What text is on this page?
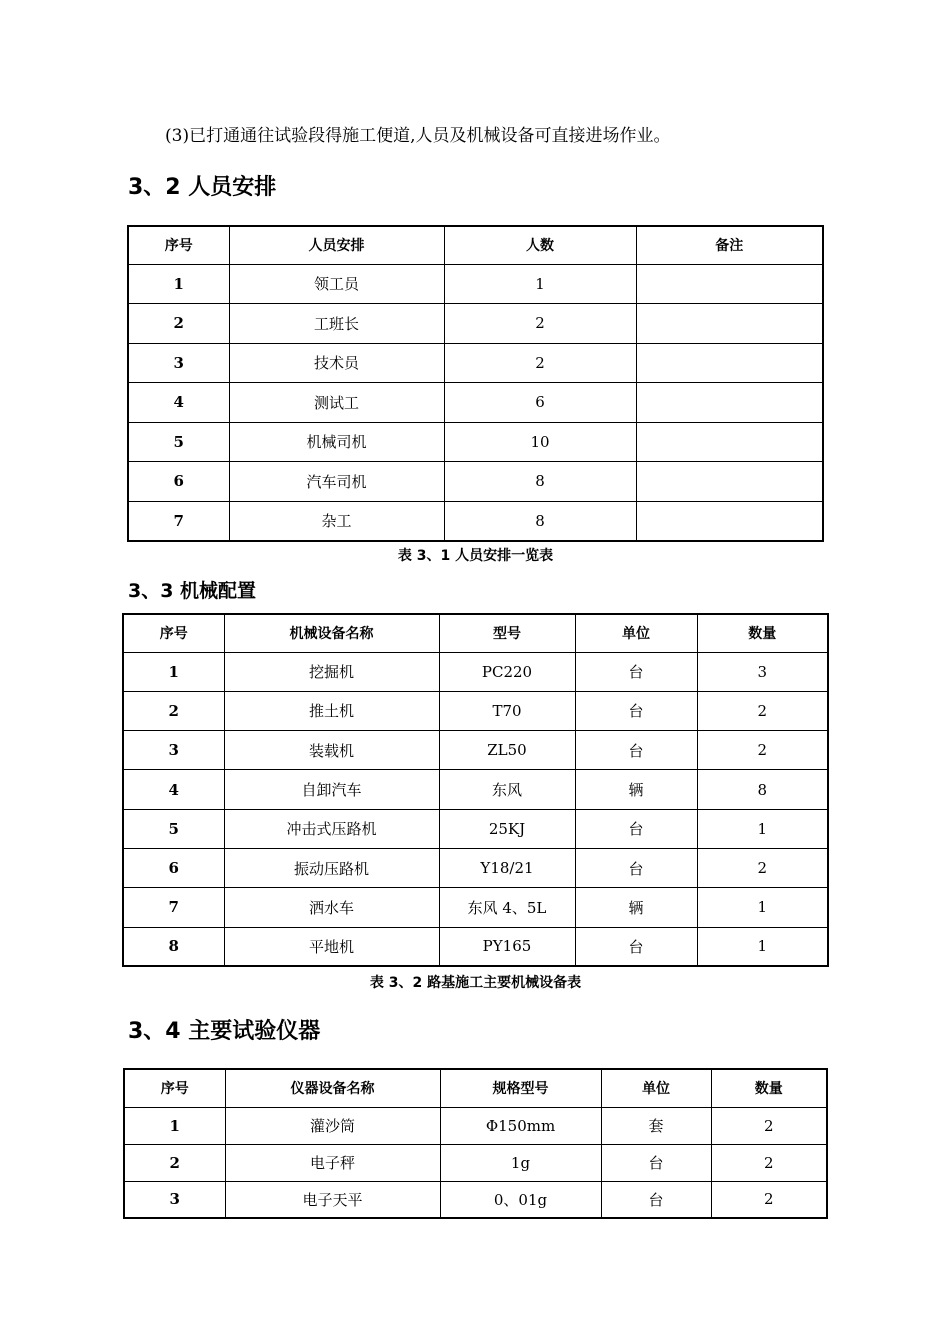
(3)已打通通往试验段得施工便道,人员及机械设备可直接进场作业。
3、2 人员安排
序号	人员安排	人数	备注
1	领工员	1	
2	工班长	2	
3	技术员	2	
4	测试工	6	
5	机械司机	10	
6	汽车司机	8	
7	杂工	8	
表 3、1 人员安排一览表
3、3 机械配置
序号	机械设备名称	型号	单位	数量
1	挖掘机	PC220	台	3
2	推土机	T70	台	2
3	装载机	ZL50	台	2
4	自卸汽车	东风	辆	8
5	冲击式压路机	25KJ	台	1
6	振动压路机	Y18/21	台	2
7	洒水车	东风 4、5L	辆	1
8	平地机	PY165	台	1
表 3、2 路基施工主要机械设备表
3、4 主要试验仪器
序号	仪器设备名称	规格型号	单位	数量
1	灌沙筒	Φ150mm	套	2
2	电子秤	1g	台	2
3	电子天平	0、01g	台	2
